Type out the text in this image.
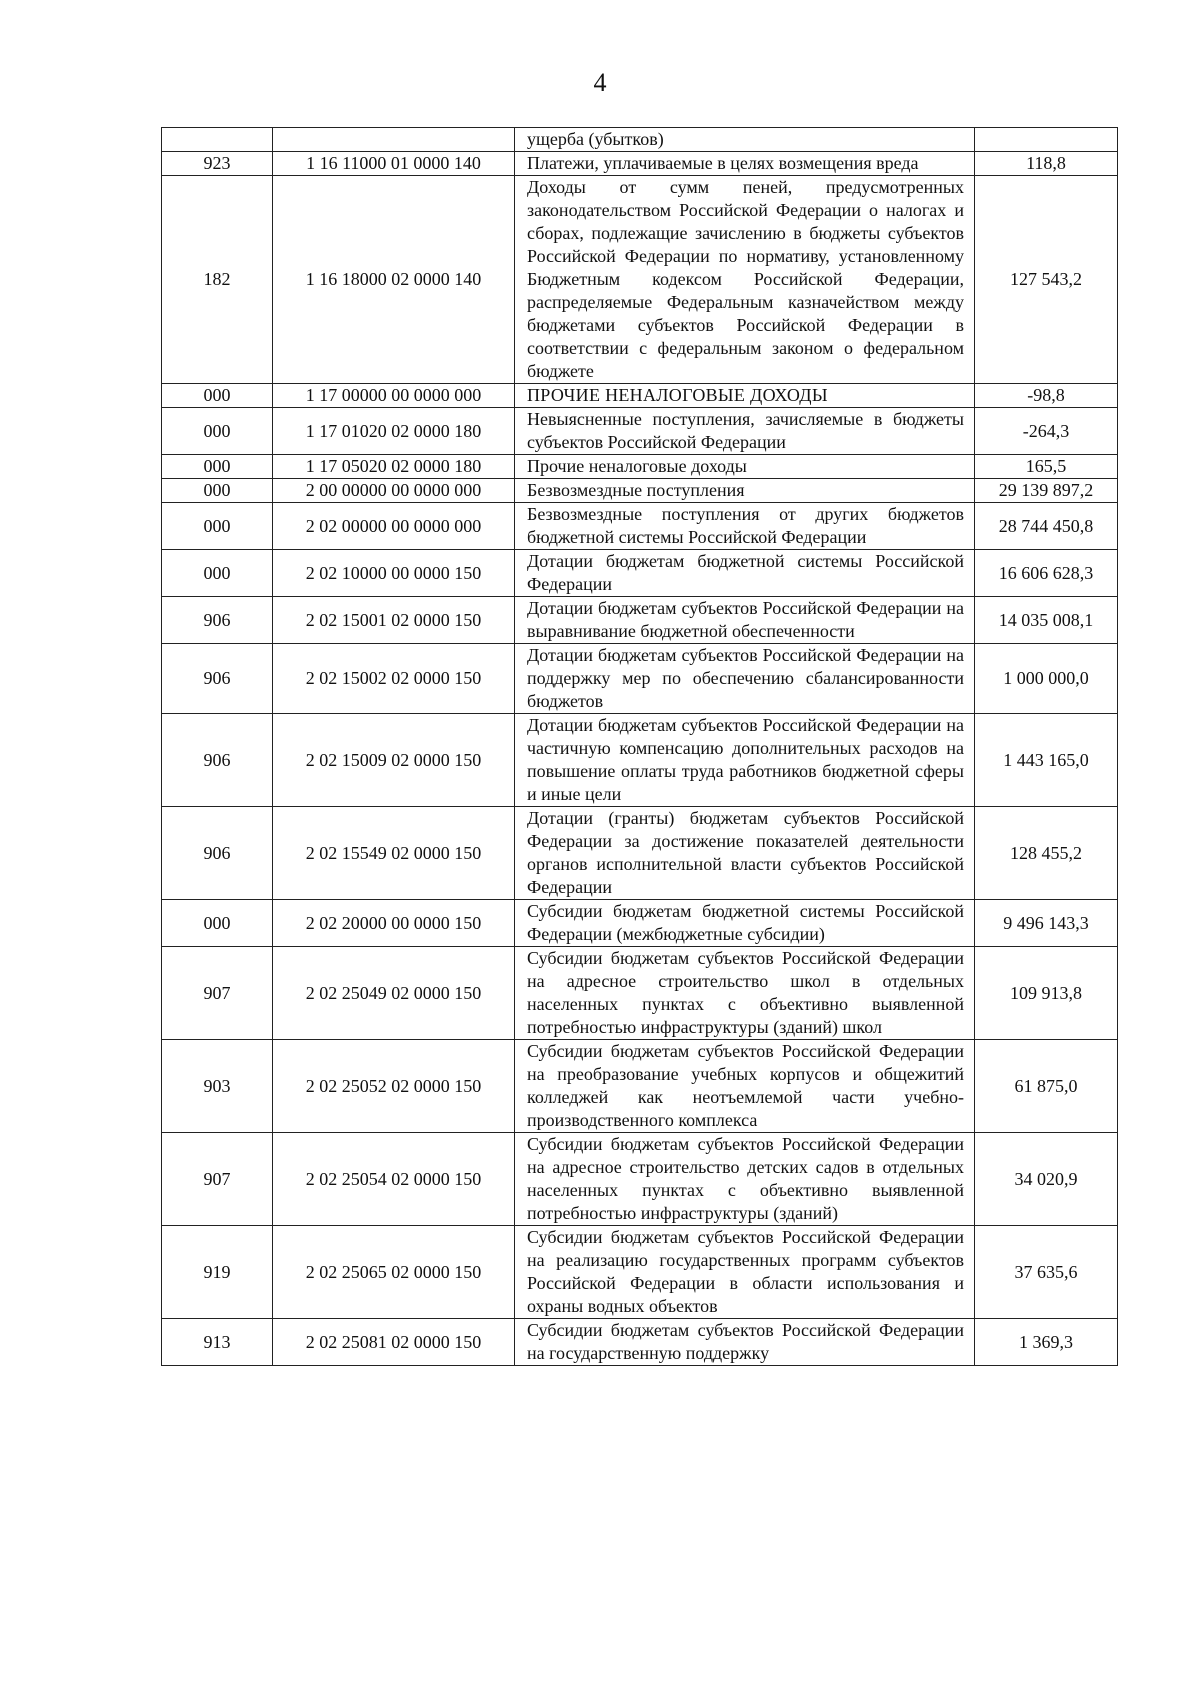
4
		ущерба (убытков)	
923	1 16 11000 01 0000 140	Платежи, уплачиваемые в целях возмещения вреда	118,8
182	1 16 18000 02 0000 140	Доходы от сумм пеней, предусмотренных законодательством Российской Федерации о налогах и сборах, подлежащие зачислению в бюджеты субъектов Российской Федерации по нормативу, установленному Бюджетным кодексом Российской Федерации, распределяемые Федеральным казначейством между бюджетами субъектов Российской Федерации в соответствии с федеральным законом о федеральном бюджете	127 543,2
000	1 17 00000 00 0000 000	ПРОЧИЕ НЕНАЛОГОВЫЕ ДОХОДЫ	-98,8
000	1 17 01020 02 0000 180	Невыясненные поступления, зачисляемые в бюджеты субъектов Российской Федерации	-264,3
000	1 17 05020 02 0000 180	Прочие неналоговые доходы	165,5
000	2 00 00000 00 0000 000	Безвозмездные поступления	29 139 897,2
000	2 02 00000 00 0000 000	Безвозмездные поступления от других бюджетов бюджетной системы Российской Федерации	28 744 450,8
000	2 02 10000 00 0000 150	Дотации бюджетам бюджетной системы Российской Федерации	16 606 628,3
906	2 02 15001 02 0000 150	Дотации бюджетам субъектов Российской Федерации на выравнивание бюджетной обеспеченности	14 035 008,1
906	2 02 15002 02 0000 150	Дотации бюджетам субъектов Российской Федерации на поддержку мер по обеспечению сбалансированности бюджетов	1 000 000,0
906	2 02 15009 02 0000 150	Дотации бюджетам субъектов Российской Федерации на частичную компенсацию дополнительных расходов на повышение оплаты труда работников бюджетной сферы и иные цели	1 443 165,0
906	2 02 15549 02 0000 150	Дотации (гранты) бюджетам субъектов Российской Федерации за достижение показателей деятельности органов исполнительной власти субъектов Российской Федерации	128 455,2
000	2 02 20000 00 0000 150	Субсидии бюджетам бюджетной системы Российской Федерации (межбюджетные субсидии)	9 496 143,3
907	2 02 25049 02 0000 150	Субсидии бюджетам субъектов Российской Федерации на адресное строительство школ в отдельных населенных пунктах с объективно выявленной потребностью инфраструктуры (зданий) школ	109 913,8
903	2 02 25052 02 0000 150	Субсидии бюджетам субъектов Российской Федерации на преобразование учебных корпусов и общежитий колледжей как неотъемлемой части учебно-производственного комплекса	61 875,0
907	2 02 25054 02 0000 150	Субсидии бюджетам субъектов Российской Федерации на адресное строительство детских садов в отдельных населенных пунктах с объективно выявленной потребностью инфраструктуры (зданий)	34 020,9
919	2 02 25065 02 0000 150	Субсидии бюджетам субъектов Российской Федерации на реализацию государственных программ субъектов Российской Федерации в области использования и охраны водных объектов	37 635,6
913	2 02 25081 02 0000 150	Субсидии бюджетам субъектов Российской Федерации на государственную поддержку	1 369,3
